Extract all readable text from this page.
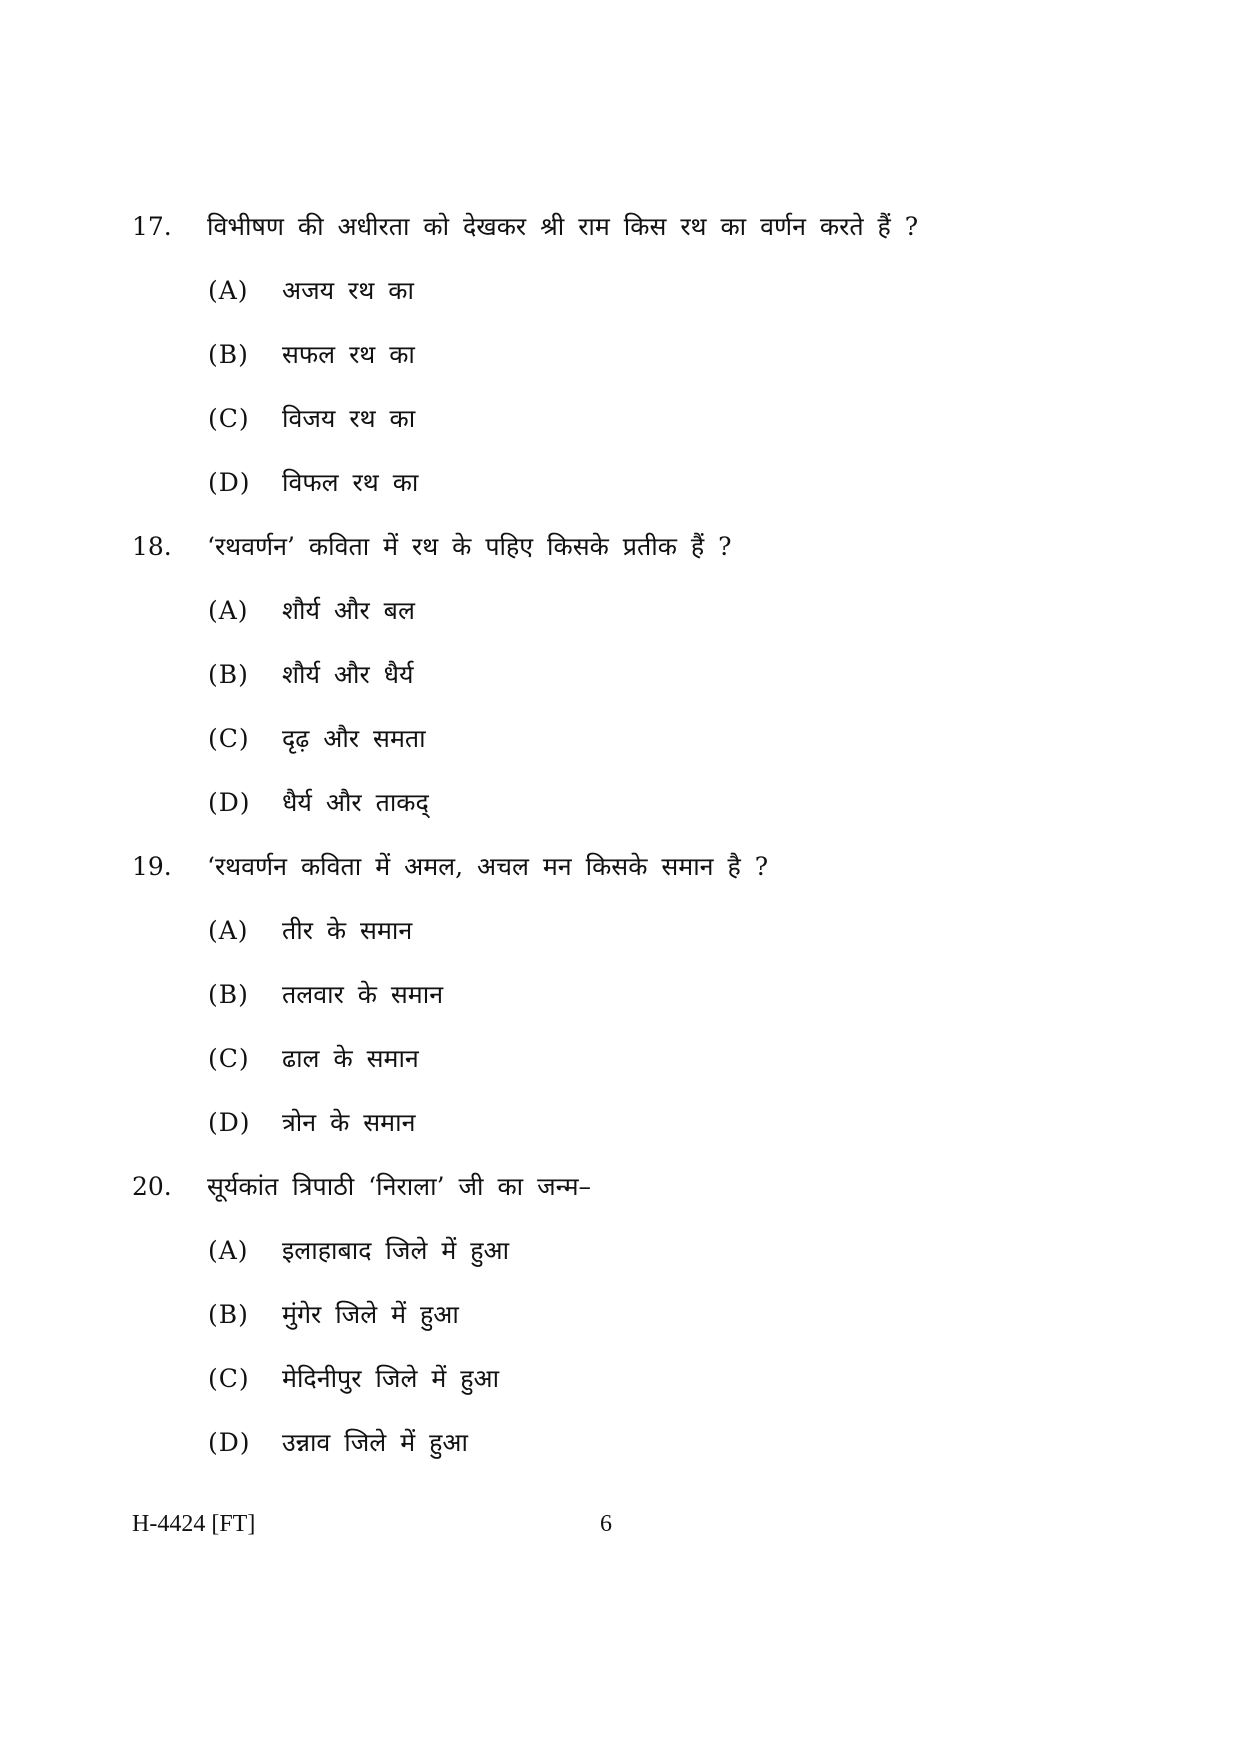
17.	विभीषण की अधीरता को देखकर श्री राम किस रथ का वर्णन करते हैं ?
(A)	अजय रथ का
(B)	सफल रथ का
(C)	विजय रथ का
(D)	विफल रथ का
18.	‘रथवर्णन’ कविता में रथ के पहिए किसके प्रतीक हैं ?
(A)	शौर्य और बल
(B)	शौर्य और धैर्य
(C)	दृढ़ और समता
(D)	धैर्य और ताकद्
19.	‘रथवर्णन कविता में अमल, अचल मन किसके समान है ?
(A)	तीर के समान
(B)	तलवार के समान
(C)	ढाल के समान
(D)	त्रोन के समान
20.	सूर्यकांत त्रिपाठी ‘निराला’ जी का जन्म–
(A)	इलाहाबाद जिले में हुआ
(B)	मुंगेर जिले में हुआ
(C)	मेदिनीपुर जिले में हुआ
(D)	उन्नाव जिले में हुआ
H-4424 [FT]	6
